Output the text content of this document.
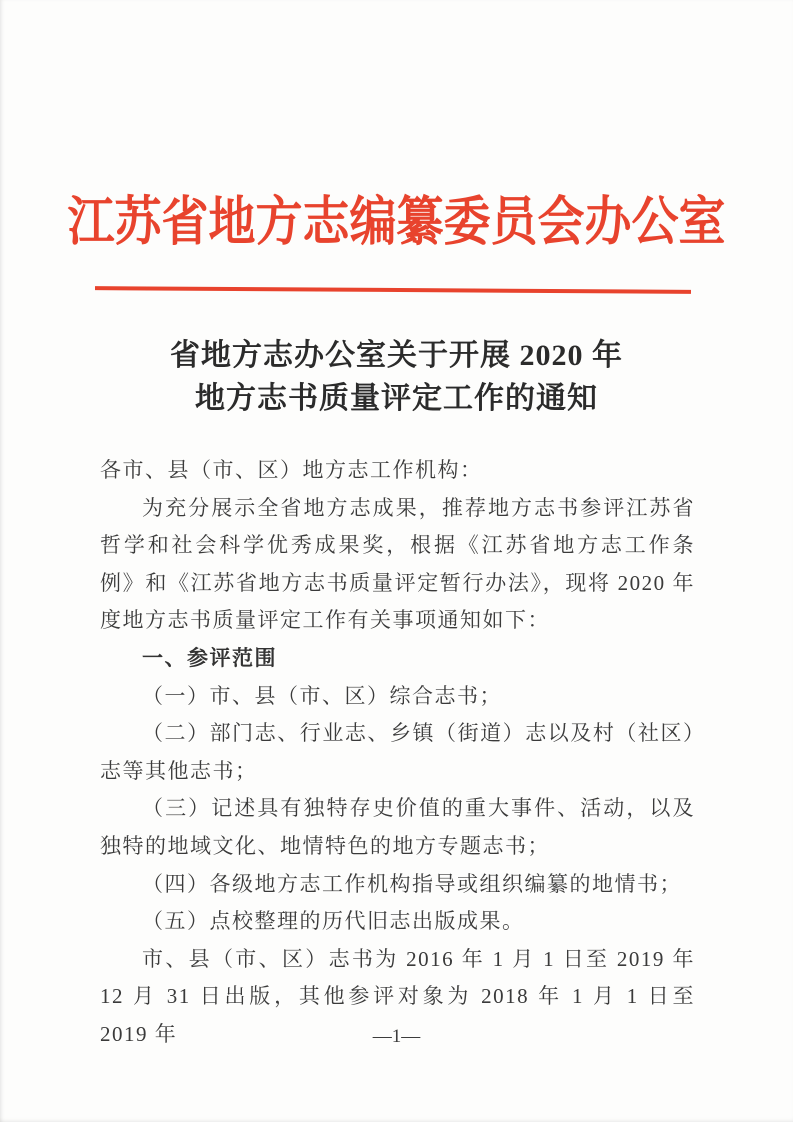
江苏省地方志编纂委员会办公室
省地方志办公室关于开展 2020 年
地方志书质量评定工作的通知

各市、县（市、区）地方志工作机构：

为充分展示全省地方志成果，推荐地方志书参评江苏省哲学和社会科学优秀成果奖，根据《江苏省地方志工作条例》和《江苏省地方志书质量评定暂行办法》，现将 2020 年度地方志书质量评定工作有关事项通知如下：

一、参评范围

（一）市、县（市、区）综合志书；

（二）部门志、行业志、乡镇（街道）志以及村（社区）志等其他志书；

（三）记述具有独特存史价值的重大事件、活动，以及独特的地域文化、地情特色的地方专题志书；

（四）各级地方志工作机构指导或组织编纂的地情书；

（五）点校整理的历代旧志出版成果。

市、县（市、区）志书为 2016 年 1 月 1 日至 2019 年 12 月 31 日出版，其他参评对象为 2018 年 1 月 1 日至 2019 年	—1—
